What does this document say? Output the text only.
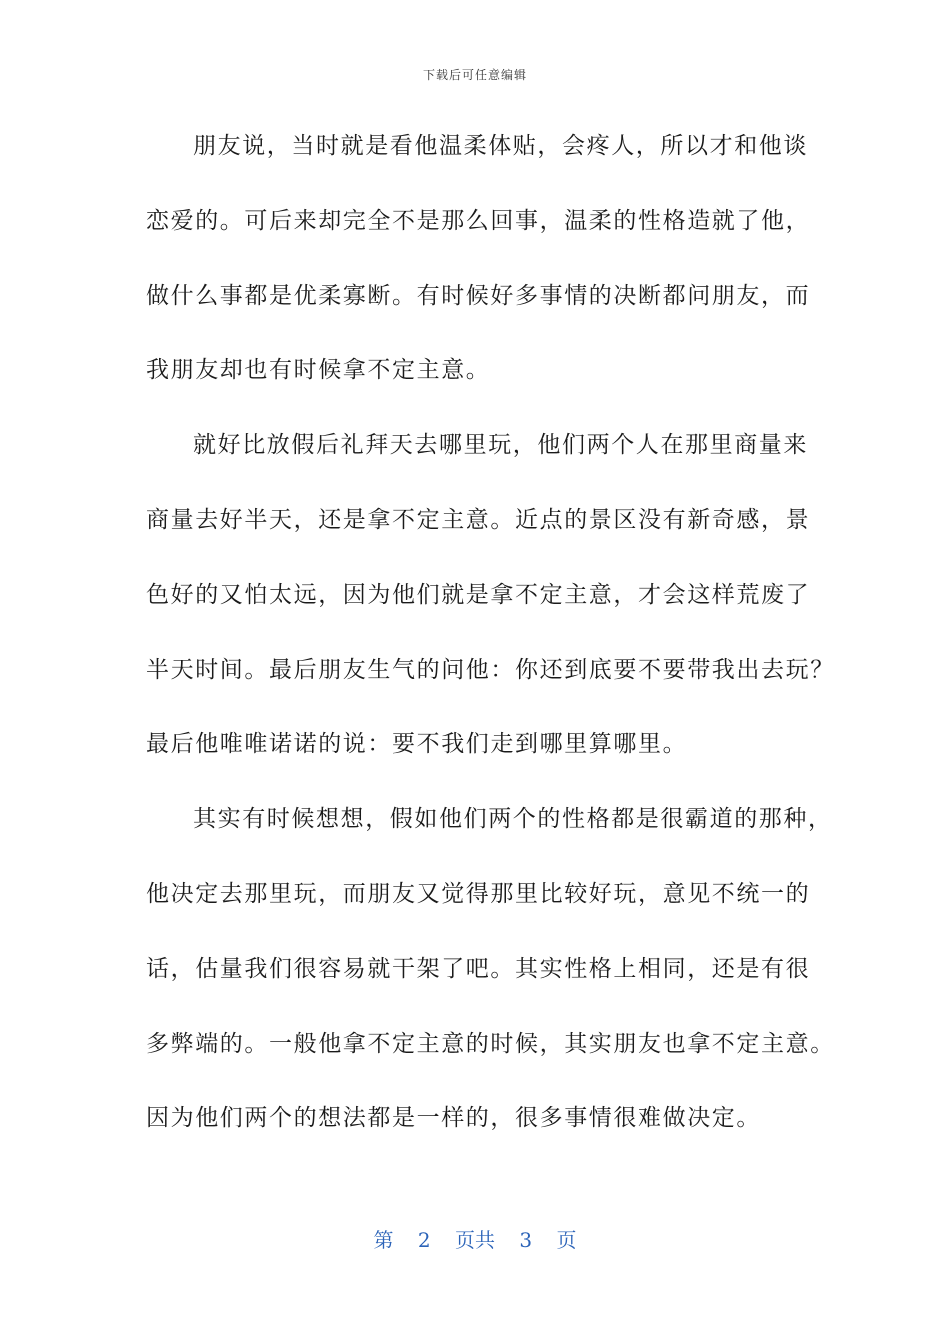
下载后可任意编辑
朋友说，当时就是看他温柔体贴，会疼人，所以才和他谈
恋爱的。可后来却完全不是那么回事，温柔的性格造就了他，
做什么事都是优柔寡断。有时候好多事情的决断都问朋友，而
我朋友却也有时候拿不定主意。
就好比放假后礼拜天去哪里玩，他们两个人在那里商量来
商量去好半天，还是拿不定主意。近点的景区没有新奇感，景
色好的又怕太远，因为他们就是拿不定主意，才会这样荒废了
半天时间。最后朋友生气的问他：你还到底要不要带我出去玩？
最后他唯唯诺诺的说：要不我们走到哪里算哪里。
其实有时候想想，假如他们两个的性格都是很霸道的那种，
他决定去那里玩，而朋友又觉得那里比较好玩，意见不统一的
话，估量我们很容易就干架了吧。其实性格上相同，还是有很
多弊端的。一般他拿不定主意的时候，其实朋友也拿不定主意。
因为他们两个的想法都是一样的，很多事情很难做决定。
第 2 页共 3 页
